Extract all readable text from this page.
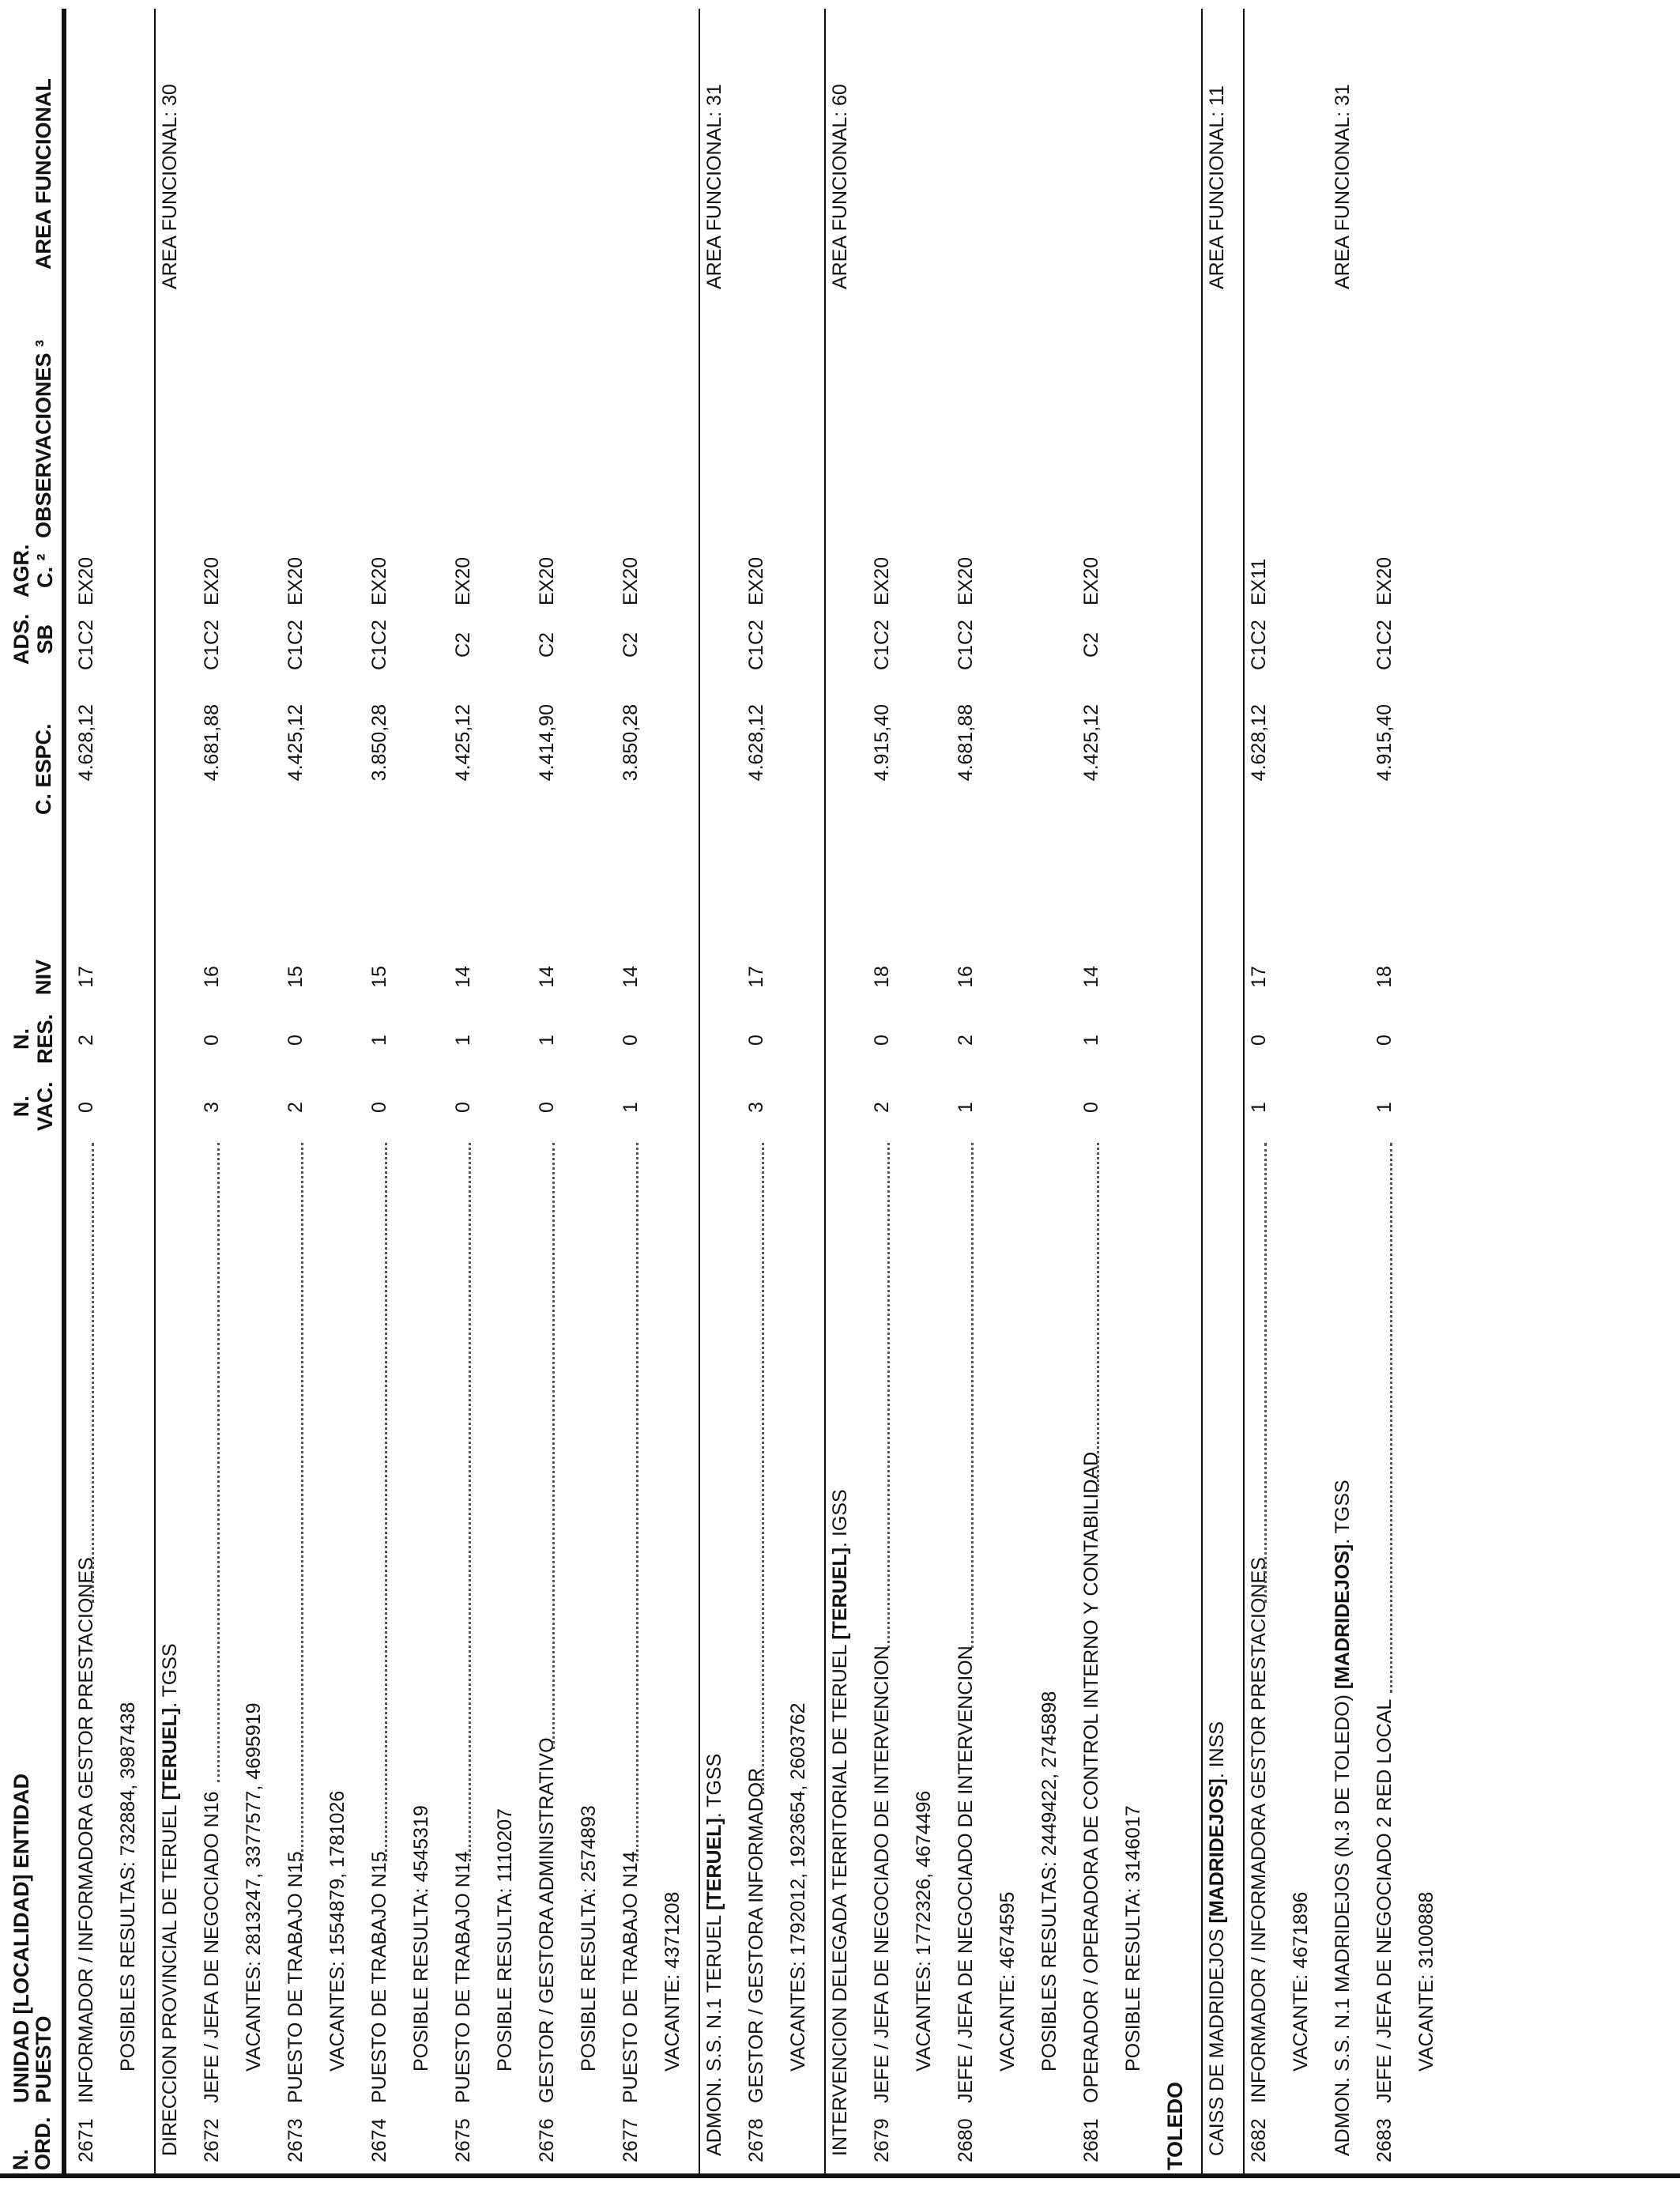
N.
ORD.
UNIDAD [LOCALIDAD] ENTIDAD
PUESTO
N.
VAC.
N.
RES.
NIV
C. ESPC.
ADS.
SB
AGR.
C. ²
OBSERVACIONES ³
AREA FUNCIONAL
2671
INFORMADOR / INFORMADORA GESTOR PRESTACIONES
0
2
17
4.628,12
C1C2
EX20
POSIBLES RESULTAS: 732884, 3987438 DIRECCION PROVINCIAL DE TERUEL [TERUEL]. TGSS
AREA FUNCIONAL: 30
2672
JEFE / JEFA DE NEGOCIADO N16
3
0
16
4.681,88
C1C2
EX20
VACANTES: 2813247, 3377577, 4695919
2673
PUESTO DE TRABAJO N15
2
0
15
4.425,12
C1C2
EX20
VACANTES: 1554879, 1781026
2674
PUESTO DE TRABAJO N15
0
1
15
3.850,28
C1C2
EX20
POSIBLE RESULTA: 4545319
2675
PUESTO DE TRABAJO N14
0
1
14
4.425,12
C2
EX20
POSIBLE RESULTA: 1110207
2676
GESTOR / GESTORA ADMINISTRATIVO
0
1
14
4.414,90
C2
EX20
POSIBLE RESULTA: 2574893
2677
PUESTO DE TRABAJO N14
1
0
14
3.850,28
C2
EX20
VACANTE: 4371208 ADMON. S.S. N.1 TERUEL [TERUEL]. TGSS
AREA FUNCIONAL: 31
2678
GESTOR / GESTORA INFORMADOR
3
0
17
4.628,12
C1C2
EX20
VACANTES: 1792012, 1923654, 2603762 INTERVENCION DELEGADA TERRITORIAL DE TERUEL [TERUEL]. IGSS
AREA FUNCIONAL: 60
2679
JEFE / JEFA DE NEGOCIADO DE INTERVENCION
2
0
18
4.915,40
C1C2
EX20
VACANTES: 1772326, 4674496
2680
JEFE / JEFA DE NEGOCIADO DE INTERVENCION
1
2
16
4.681,88
C1C2
EX20
VACANTE: 4674595 POSIBLES RESULTAS: 2449422, 2745898
2681
OPERADOR / OPERADORA DE CONTROL INTERNO Y CONTABILIDAD
0
1
14
4.425,12
C2
EX20
POSIBLE RESULTA: 3146017
TOLEDO CAISS DE MADRIDEJOS [MADRIDEJOS]. INSS
AREA FUNCIONAL: 11
2682
INFORMADOR / INFORMADORA GESTOR PRESTACIONES
1
0
17
4.628,12
C1C2
EX11
VACANTE: 4671896 ADMON. S.S. N.1 MADRIDEJOS (N.3 DE TOLEDO) [MADRIDEJOS]. TGSS
AREA FUNCIONAL: 31
2683
JEFE / JEFA DE NEGOCIADO 2 RED LOCAL
1
0
18
4.915,40
C1C2
EX20
VACANTE: 3100888
